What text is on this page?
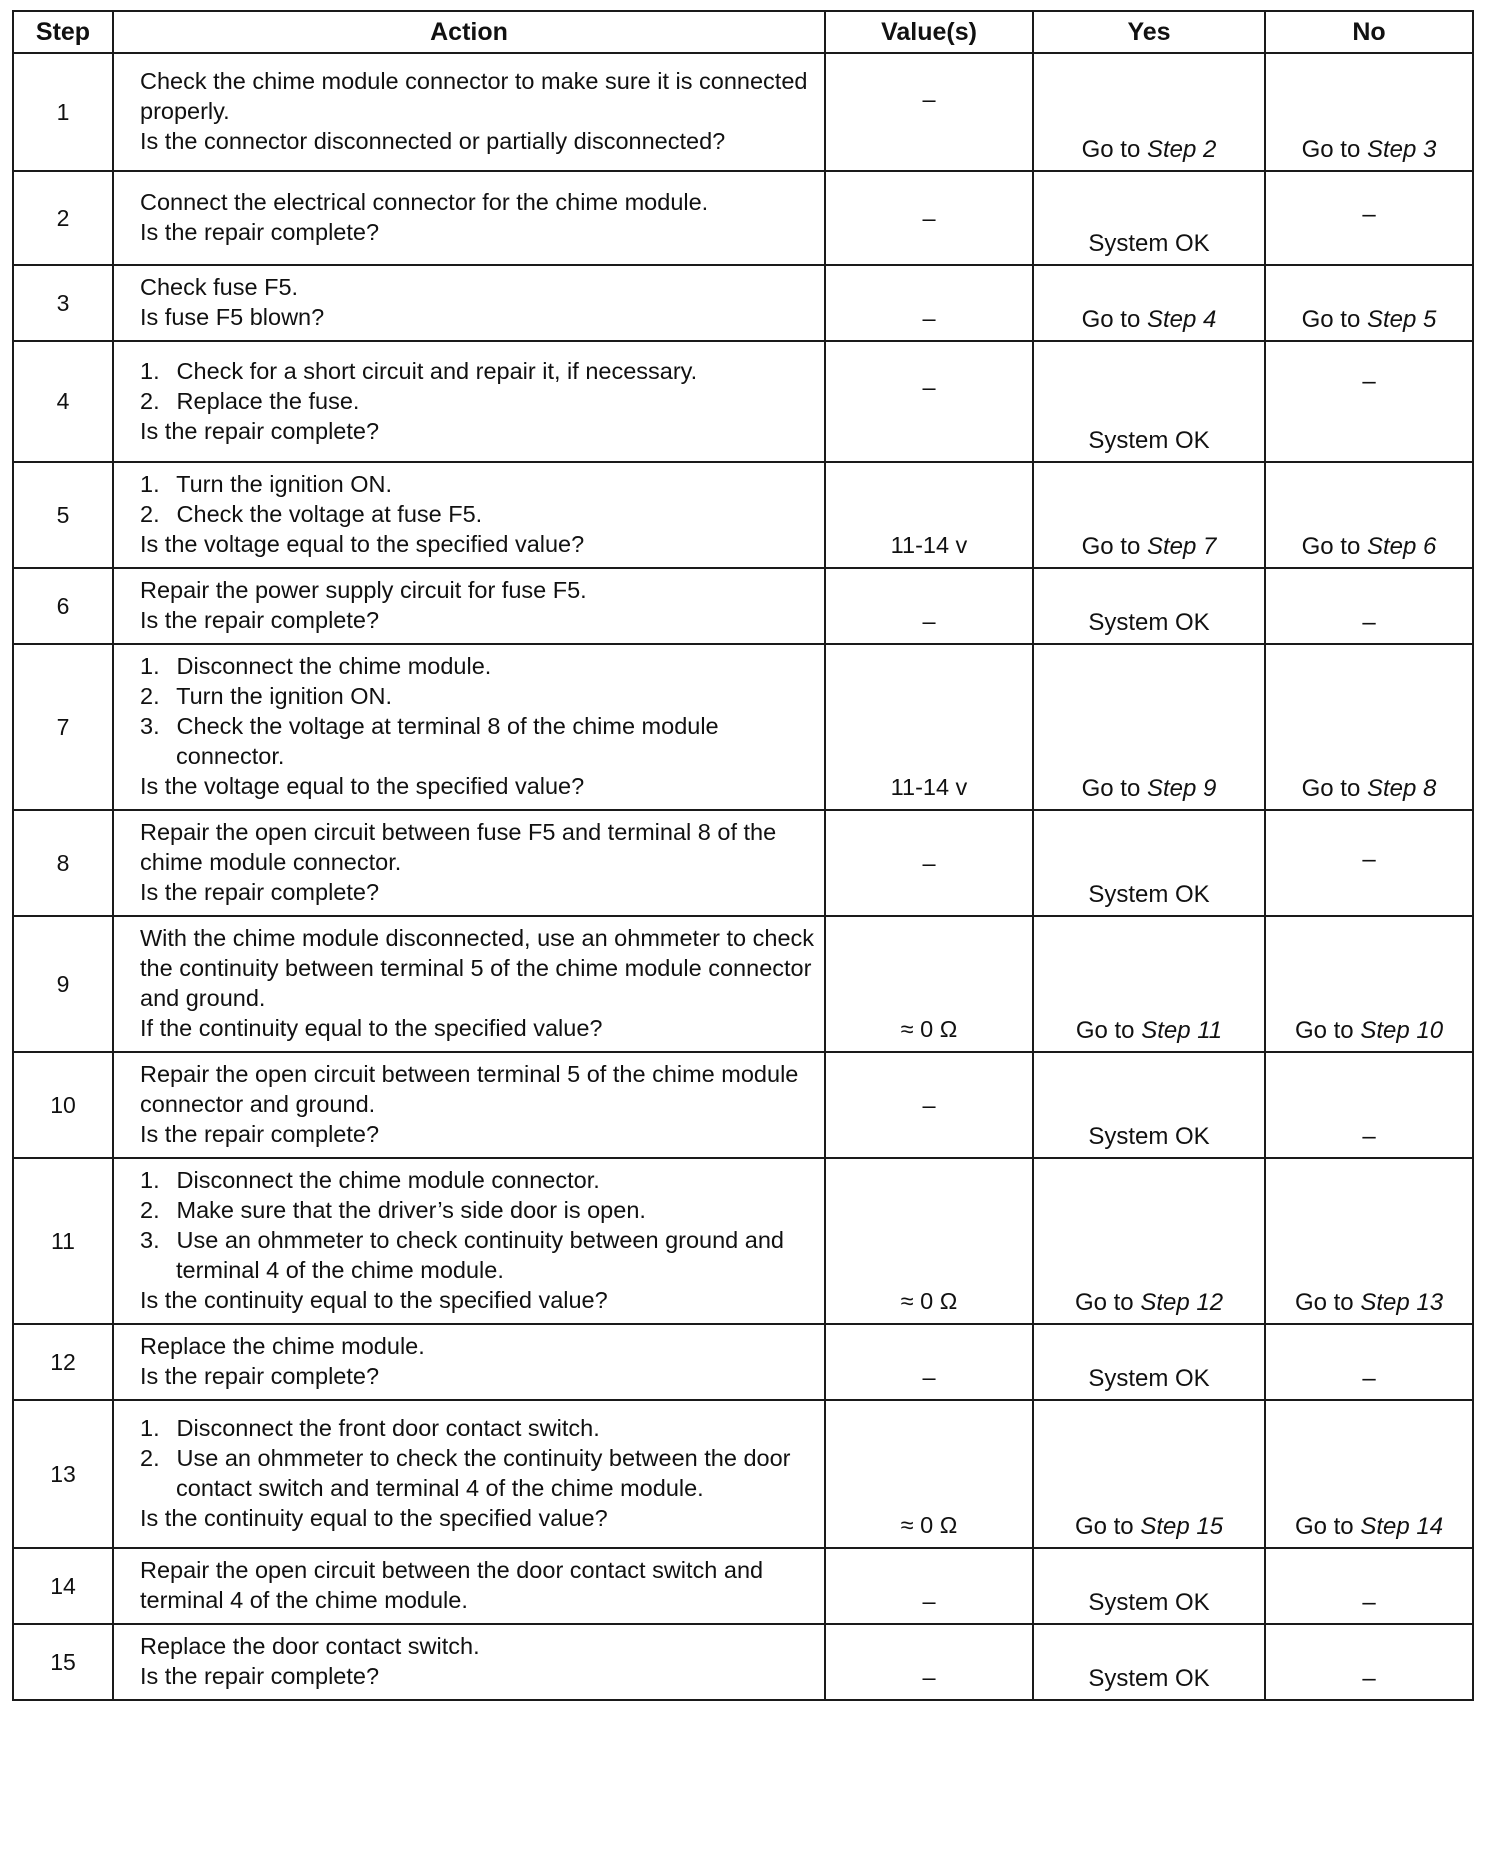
Step	Action	Value(s)	Yes	No
1	Check the chime module connector to make sure it is connected properly.
Is the connector disconnected or partially disconnected?	–	Go to Step 2	Go to Step 3
2	Connect the electrical connector for the chime module.
Is the repair complete?	–	System OK	–
3	Check fuse F5.
Is fuse F5 blown?	–	Go to Step 4	Go to Step 5
4	1. Check for a short circuit and repair it, if necessary.
2. Replace the fuse.
Is the repair complete?	–	System OK	–
5	1. Turn the ignition ON.
2. Check the voltage at fuse F5.
Is the voltage equal to the specified value?	11-14 v	Go to Step 7	Go to Step 6
6	Repair the power supply circuit for fuse F5.
Is the repair complete?	–	System OK	–
7	1. Disconnect the chime module.
2. Turn the ignition ON.
3. Check the voltage at terminal 8 of the chime module connector.
Is the voltage equal to the specified value?	11-14 v	Go to Step 9	Go to Step 8
8	Repair the open circuit between fuse F5 and terminal 8 of the chime module connector.
Is the repair complete?	–	System OK	–
9	With the chime module disconnected, use an ohmmeter to check the continuity between terminal 5 of the chime module connector and ground.
If the continuity equal to the specified value?	≈ 0 Ω	Go to Step 11	Go to Step 10
10	Repair the open circuit between terminal 5 of the chime module connector and ground.
Is the repair complete?	–	System OK	–
11	1. Disconnect the chime module connector.
2. Make sure that the driver’s side door is open.
3. Use an ohmmeter to check continuity between ground and terminal 4 of the chime module.
Is the continuity equal to the specified value?	≈ 0 Ω	Go to Step 12	Go to Step 13
12	Replace the chime module.
Is the repair complete?	–	System OK	–
13	1. Disconnect the front door contact switch.
2. Use an ohmmeter to check the continuity between the door contact switch and terminal 4 of the chime module.
Is the continuity equal to the specified value?	≈ 0 Ω	Go to Step 15	Go to Step 14
14	Repair the open circuit between the door contact switch and terminal 4 of the chime module.	–	System OK	–
15	Replace the door contact switch.
Is the repair complete?	–	System OK	–
